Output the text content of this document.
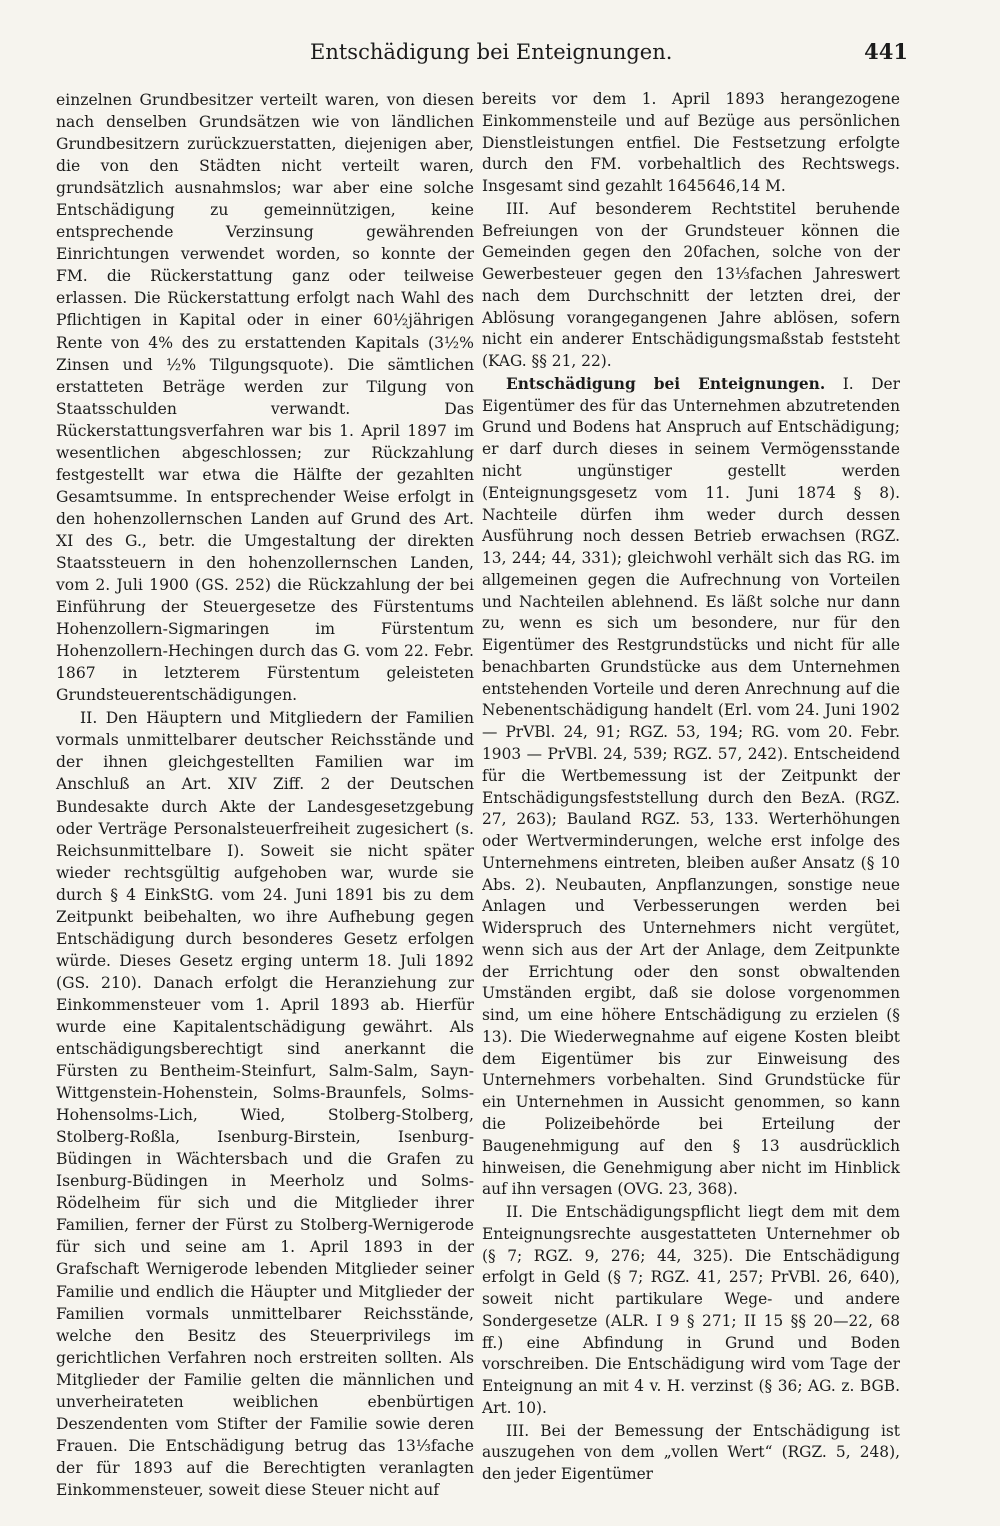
Entschädigung bei Enteignungen.	441

einzelnen Grundbesitzer verteilt waren, von diesen nach denselben Grundsätzen wie von ländlichen Grundbesitzern zurückzuerstatten, diejenigen aber, die von den Städten nicht verteilt waren, grundsätzlich ausnahmslos; war aber eine solche Entschädigung zu gemeinnützigen, keine entsprechende Verzinsung gewährenden Einrichtungen verwendet worden, so konnte der FM. die Rückerstattung ganz oder teilweise erlassen. Die Rückerstattung erfolgt nach Wahl des Pflichtigen in Kapital oder in einer 60½jährigen Rente von 4% des zu erstattenden Kapitals (3½% Zinsen und ½% Tilgungsquote). Die sämtlichen erstatteten Beträge werden zur Tilgung von Staatsschulden verwandt. Das Rückerstattungsverfahren war bis 1. April 1897 im wesentlichen abgeschlossen; zur Rückzahlung festgestellt war etwa die Hälfte der gezahlten Gesamtsumme. In entsprechender Weise erfolgt in den hohenzollernschen Landen auf Grund des Art. XI des G., betr. die Umgestaltung der direkten Staatssteuern in den hohenzollernschen Landen, vom 2. Juli 1900 (GS. 252) die Rückzahlung der bei Einführung der Steuergesetze des Fürstentums Hohenzollern-Sigmaringen im Fürstentum Hohenzollern-Hechingen durch das G. vom 22. Febr. 1867 in letzterem Fürstentum geleisteten Grundsteuerentschädigungen.

II. Den Häuptern und Mitgliedern der Familien vormals unmittelbarer deutscher Reichsstände und der ihnen gleichgestellten Familien war im Anschluß an Art. XIV Ziff. 2 der Deutschen Bundesakte durch Akte der Landesgesetzgebung oder Verträge Personalsteuerfreiheit zugesichert (s. Reichsunmittelbare I). Soweit sie nicht später wieder rechtsgültig aufgehoben war, wurde sie durch § 4 EinkStG. vom 24. Juni 1891 bis zu dem Zeitpunkt beibehalten, wo ihre Aufhebung gegen Entschädigung durch besonderes Gesetz erfolgen würde. Dieses Gesetz erging unterm 18. Juli 1892 (GS. 210). Danach erfolgt die Heranziehung zur Einkommensteuer vom 1. April 1893 ab. Hierfür wurde eine Kapitalentschädigung gewährt. Als entschädigungsberechtigt sind anerkannt die Fürsten zu Bentheim-Steinfurt, Salm-Salm, Sayn-Wittgenstein-Hohenstein, Solms-Braunfels, Solms-Hohensolms-Lich, Wied, Stolberg-Stolberg, Stolberg-Roßla, Isenburg-Birstein, Isenburg-Büdingen in Wächtersbach und die Grafen zu Isenburg-Büdingen in Meerholz und Solms-Rödelheim für sich und die Mitglieder ihrer Familien, ferner der Fürst zu Stolberg-Wernigerode für sich und seine am 1. April 1893 in der Grafschaft Wernigerode lebenden Mitglieder seiner Familie und endlich die Häupter und Mitglieder der Familien vormals unmittelbarer Reichsstände, welche den Besitz des Steuerprivilegs im gerichtlichen Verfahren noch erstreiten sollten. Als Mitglieder der Familie gelten die männlichen und unverheirateten weiblichen ebenbürtigen Deszendenten vom Stifter der Familie sowie deren Frauen. Die Entschädigung betrug das 13⅓fache der für 1893 auf die Berechtigten veranlagten Einkommensteuer, soweit diese Steuer nicht auf

bereits vor dem 1. April 1893 herangezogene Einkommensteile und auf Bezüge aus persönlichen Dienstleistungen entfiel. Die Festsetzung erfolgte durch den FM. vorbehaltlich des Rechtswegs. Insgesamt sind gezahlt 1645646,14 M.

III. Auf besonderem Rechtstitel beruhende Befreiungen von der Grundsteuer können die Gemeinden gegen den 20fachen, solche von der Gewerbesteuer gegen den 13⅓fachen Jahreswert nach dem Durchschnitt der letzten drei, der Ablösung vorangegangenen Jahre ablösen, sofern nicht ein anderer Entschädigungsmaßstab feststeht (KAG. §§ 21, 22).

Entschädigung bei Enteignungen. I. Der Eigentümer des für das Unternehmen abzutretenden Grund und Bodens hat Anspruch auf Entschädigung; er darf durch dieses in seinem Vermögensstande nicht ungünstiger gestellt werden (Enteignungsgesetz vom 11. Juni 1874 § 8). Nachteile dürfen ihm weder durch dessen Ausführung noch dessen Betrieb erwachsen (RGZ. 13, 244; 44, 331); gleichwohl verhält sich das RG. im allgemeinen gegen die Aufrechnung von Vorteilen und Nachteilen ablehnend. Es läßt solche nur dann zu, wenn es sich um besondere, nur für den Eigentümer des Restgrundstücks und nicht für alle benachbarten Grundstücke aus dem Unternehmen entstehenden Vorteile und deren Anrechnung auf die Nebenentschädigung handelt (Erl. vom 24. Juni 1902 — PrVBl. 24, 91; RGZ. 53, 194; RG. vom 20. Febr. 1903 — PrVBl. 24, 539; RGZ. 57, 242). Entscheidend für die Wertbemessung ist der Zeitpunkt der Entschädigungsfeststellung durch den BezA. (RGZ. 27, 263); Bauland RGZ. 53, 133. Werterhöhungen oder Wertverminderungen, welche erst infolge des Unternehmens eintreten, bleiben außer Ansatz (§ 10 Abs. 2). Neubauten, Anpflanzungen, sonstige neue Anlagen und Verbesserungen werden bei Widerspruch des Unternehmers nicht vergütet, wenn sich aus der Art der Anlage, dem Zeitpunkte der Errichtung oder den sonst obwaltenden Umständen ergibt, daß sie dolose vorgenommen sind, um eine höhere Entschädigung zu erzielen (§ 13). Die Wiederwegnahme auf eigene Kosten bleibt dem Eigentümer bis zur Einweisung des Unternehmers vorbehalten. Sind Grundstücke für ein Unternehmen in Aussicht genommen, so kann die Polizeibehörde bei Erteilung der Baugenehmigung auf den § 13 ausdrücklich hinweisen, die Genehmigung aber nicht im Hinblick auf ihn versagen (OVG. 23, 368).

II. Die Entschädigungspflicht liegt dem mit dem Enteignungsrechte ausgestatteten Unternehmer ob (§ 7; RGZ. 9, 276; 44, 325). Die Entschädigung erfolgt in Geld (§ 7; RGZ. 41, 257; PrVBl. 26, 640), soweit nicht partikulare Wege- und andere Sondergesetze (ALR. I 9 § 271; II 15 §§ 20—22, 68 ff.) eine Abfindung in Grund und Boden vorschreiben. Die Entschädigung wird vom Tage der Enteignung an mit 4 v. H. verzinst (§ 36; AG. z. BGB. Art. 10).

III. Bei der Bemessung der Entschädigung ist auszugehen von dem „vollen Wert“ (RGZ. 5, 248), den jeder Eigentümer
